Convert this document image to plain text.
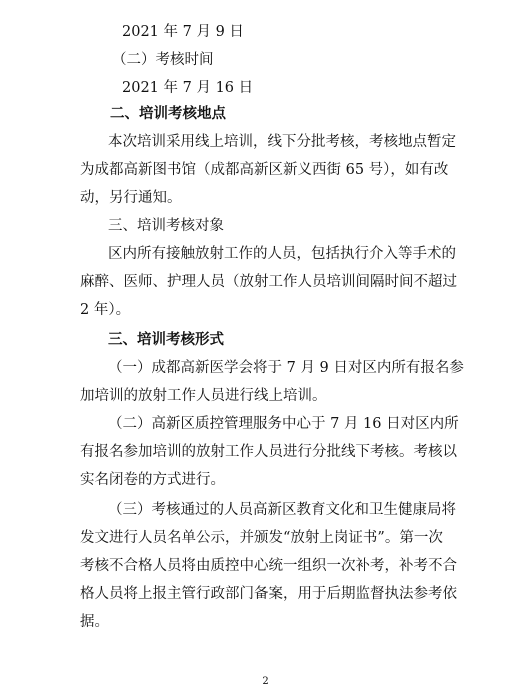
2021 年 7 月 9 日
（二）考核时间
2021 年 7 月 16 日
二、培训考核地点
本次培训采用线上培训，线下分批考核，考核地点暂定
为成都高新图书馆（成都高新区新义西街 65 号），如有改
动，另行通知。
三、培训考核对象
区内所有接触放射工作的人员，包括执行介入等手术的
麻醉、医师、护理人员（放射工作人员培训间隔时间不超过
2 年）。
三、培训考核形式
（一）成都高新医学会将于 7 月 9 日对区内所有报名参
加培训的放射工作人员进行线上培训。
（二）高新区质控管理服务中心于 7 月 16 日对区内所
有报名参加培训的放射工作人员进行分批线下考核。考核以
实名闭卷的方式进行。
（三）考核通过的人员高新区教育文化和卫生健康局将
发文进行人员名单公示，并颁发“放射上岗证书”。第一次
考核不合格人员将由质控中心统一组织一次补考，补考不合
格人员将上报主管行政部门备案，用于后期监督执法参考依
据。
2
